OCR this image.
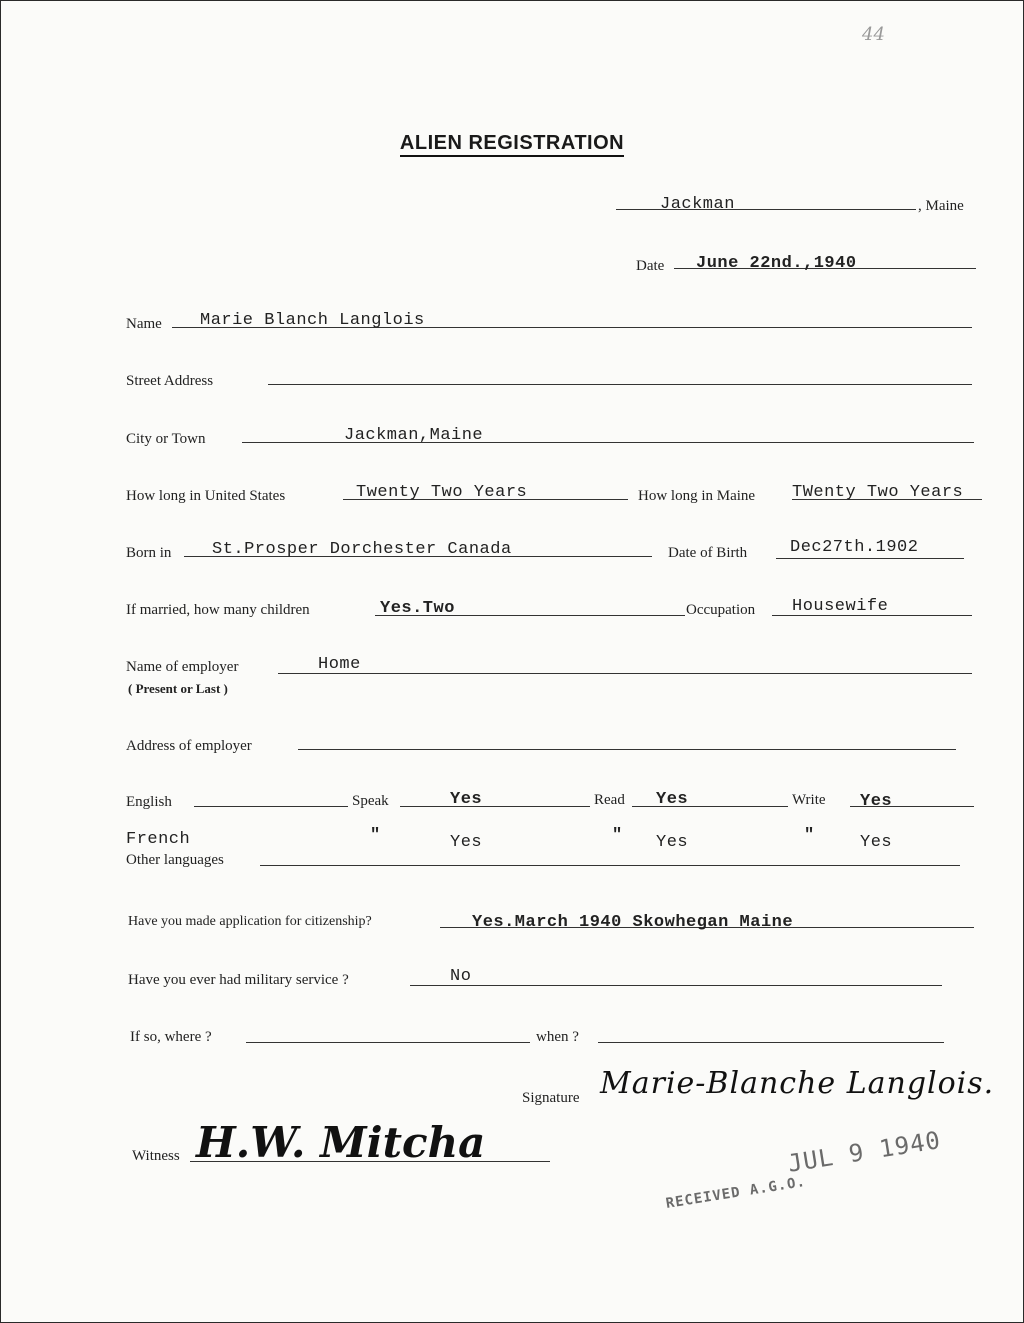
44
ALIEN REGISTRATION
Jackman	, Maine
Date June 22nd.,1940
Name Marie Blanch Langlois
Street Address
City or Town	Jackman,Maine
How long in United States	Twenty Two Years	How long in Maine TWenty Two Years
Born in St.Prosper Dorchester Canada	Date of Birth	Dec27th.1902
If married, how many children	Yes.Two	Occupation Housewife
Name of employer
( Present or Last )
Home
Address of employer
English	Speak	Yes	Read Yes	Write Yes
French	"	Yes	" Yes	"	Yes
Other languages
Have you made application for citizenship?	Yes.March 1940 Skowhegan Maine
Have you ever had military service ?	No
If so, where ?	when ?
Signature Marie-Blanche Langlois.
Witness H.W. Mitcha
RECEIVED A.G.O.
JUL 9 1940
